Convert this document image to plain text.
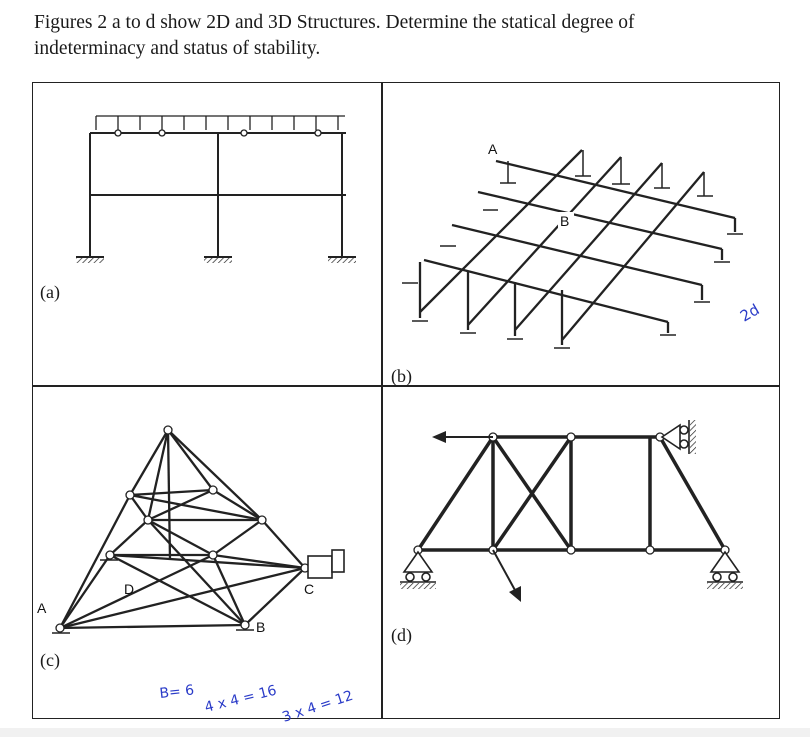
Figures 2 a to d show 2D and 3D Structures. Determine the statical degree of
indeterminacy and status of stability.
(a)
(b)
(c)
(d)
A
B
A
B
C
D
B= 6 4 x 4 = 16 3 x 4 = 12
2d
